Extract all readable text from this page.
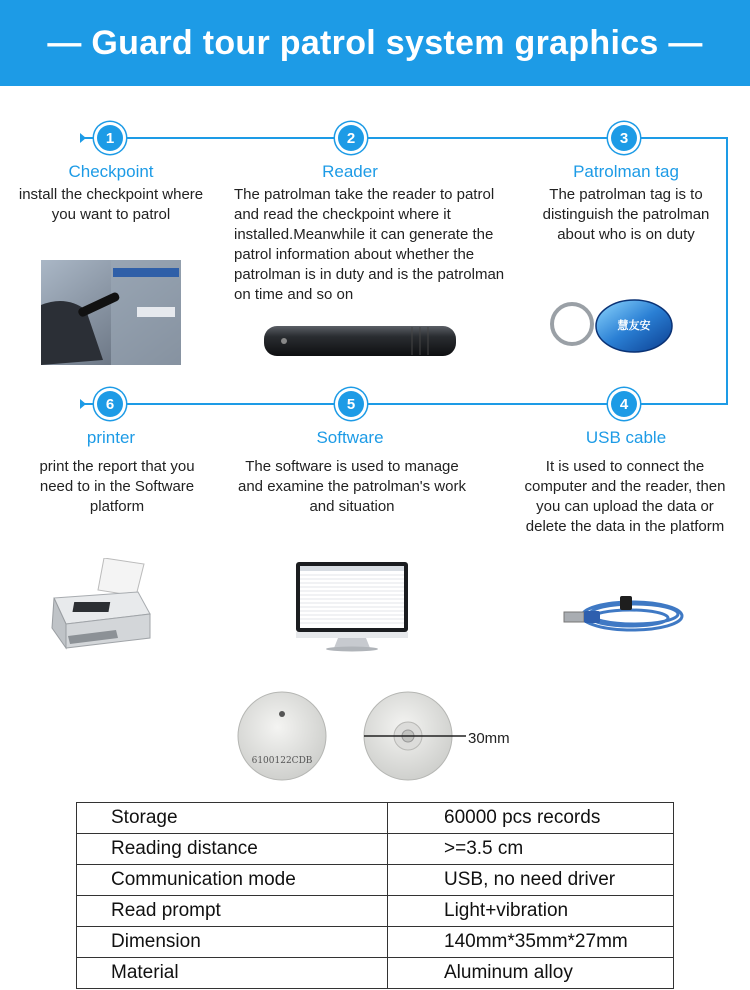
— Guard tour patrol system graphics —
1	2	3
4
5
6
Checkpoint
install the checkpoint where you want to patrol
Reader
The patrolman take the reader to patrol and read the checkpoint where it installed.Meanwhile it can generate the patrol information about whether the patrolman is in duty and is the patrolman on time and so on
Patrolman tag
The patrolman tag is to distinguish the patrolman about who is on duty
慧友安
printer
print the report that you need to in the Software platform
Software
The software is used to manage and examine the patrolman's work and situation
USB cable
It is used to connect the computer and the reader, then you can upload the data or delete the data in the platform
6100122CDB
30mm
Storage	60000 pcs records
Reading distance	>=3.5 cm
Communication mode	USB, no need driver
Read prompt	Light+vibration
Dimension	140mm*35mm*27mm
Material	Aluminum alloy
